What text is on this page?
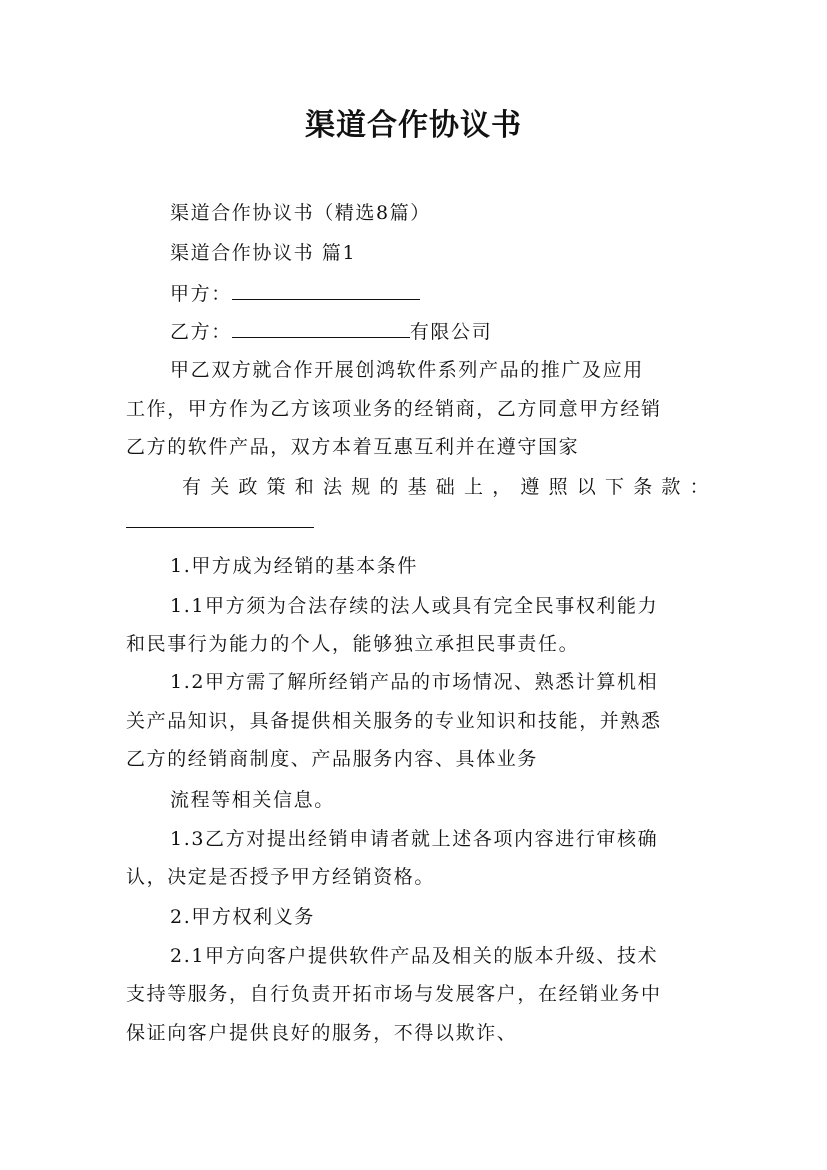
渠道合作协议书
渠道合作协议书（精选8篇）
渠道合作协议书 篇1
甲方：
乙方：	有限公司
甲乙双方就合作开展创鸿软件系列产品的推广及应用
工作，甲方作为乙方该项业务的经销商，乙方同意甲方经销
乙方的软件产品，双方本着互惠互利并在遵守国家
有关政策和法规的基础上，遵照以下条款：
1.甲方成为经销的基本条件
1.1甲方须为合法存续的法人或具有完全民事权利能力
和民事行为能力的个人，能够独立承担民事责任。
1.2甲方需了解所经销产品的市场情况、熟悉计算机相
关产品知识，具备提供相关服务的专业知识和技能，并熟悉
乙方的经销商制度、产品服务内容、具体业务
流程等相关信息。
1.3乙方对提出经销申请者就上述各项内容进行审核确
认，决定是否授予甲方经销资格。
2.甲方权利义务
2.1甲方向客户提供软件产品及相关的版本升级、技术
支持等服务，自行负责开拓市场与发展客户，在经销业务中
保证向客户提供良好的服务，不得以欺诈、
